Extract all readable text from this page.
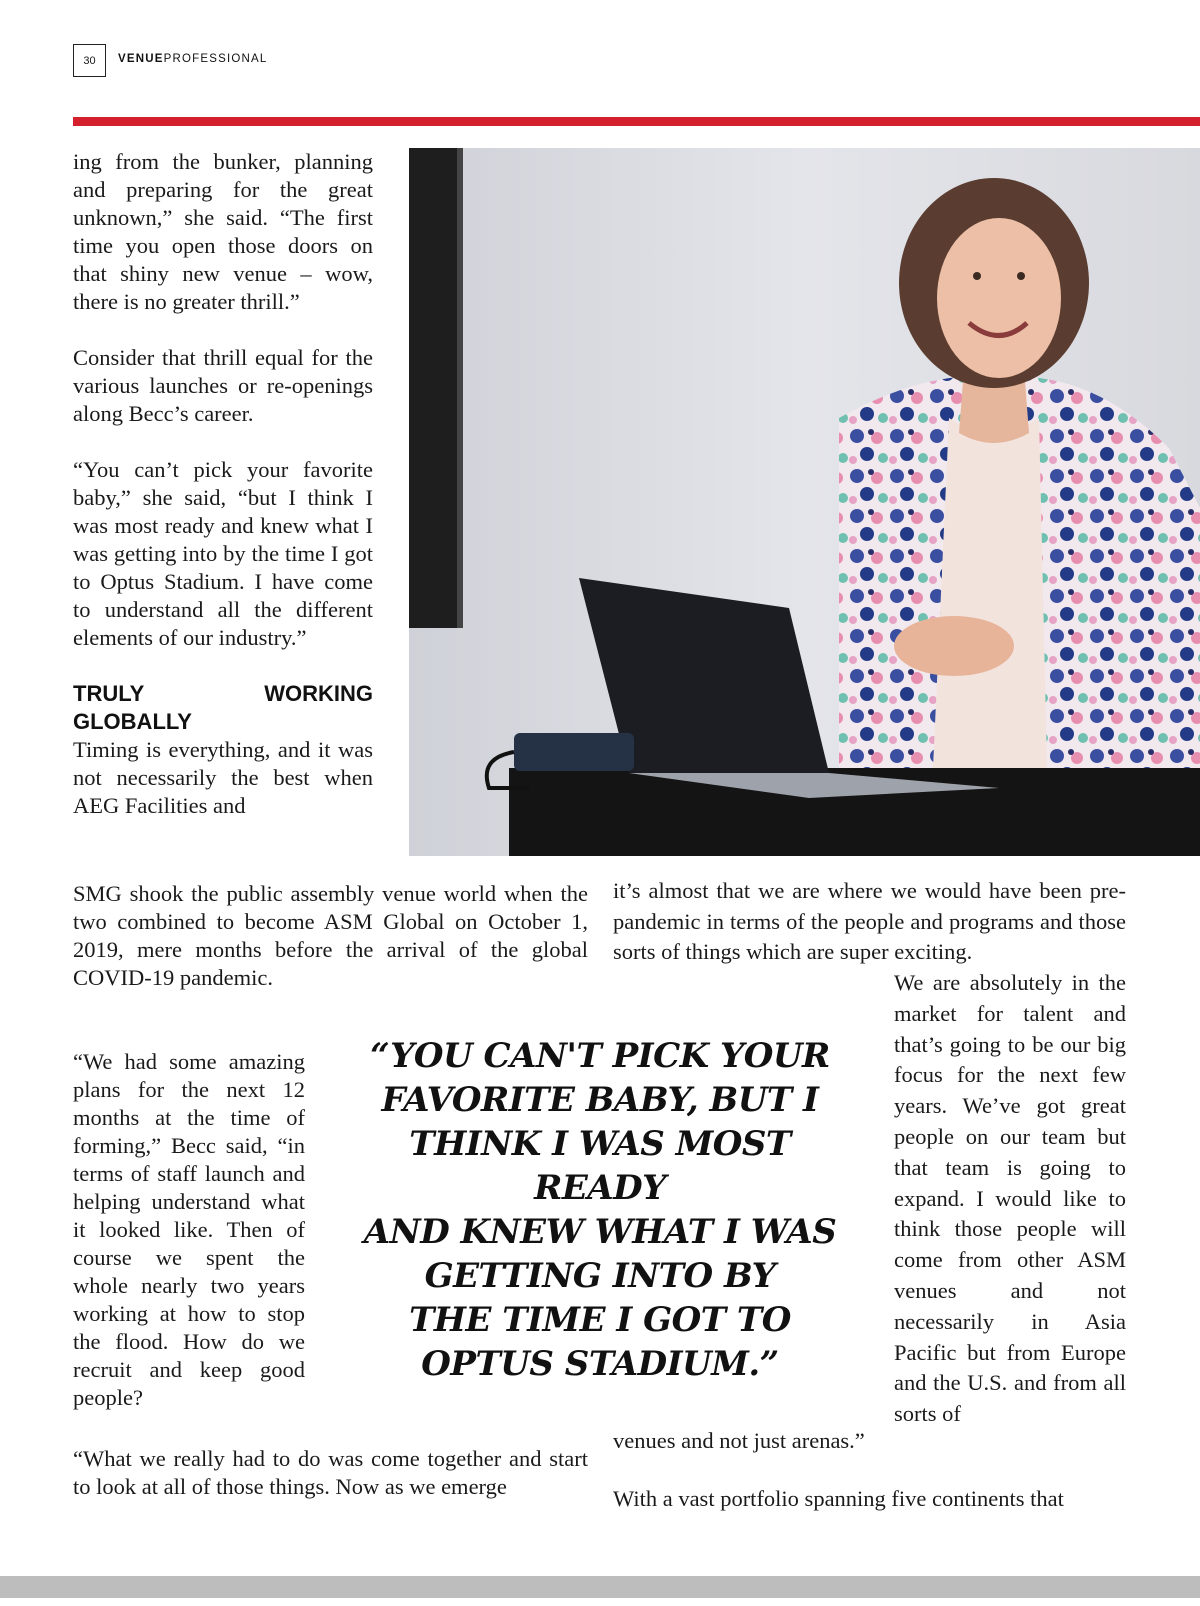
30 VENUEPROFESSIONAL

ing from the bunker, planning and preparing for the great unknown,” she said. “The first time you open those doors on that shiny new venue – wow, there is no greater thrill.”

Consider that thrill equal for the various launches or re-openings along Becc’s career.

“You can’t pick your favorite baby,” she said, “but I think I was most ready and knew what I was getting into by the time I got to Optus Stadium. I have come to understand all the different elements of our industry.”

TRULY WORKING GLOBALLY

Timing is everything, and it was not necessarily the best when AEG Facilities and

SMG shook the public assembly venue world when the two combined to become ASM Global on October 1, 2019, mere months before the arrival of the global COVID-19 pandemic.

“We had some amazing plans for the next 12 months at the time of forming,” Becc said, “in terms of staff launch and helping understand what it looked like. Then of course we spent the whole nearly two years working at how to stop the flood. How do we recruit and keep good people?

“What we really had to do was come together and start to look at all of those things. Now as we emerge

it’s almost that we are where we would have been pre-pandemic in terms of the people and programs and those sorts of things which are super exciting.

We are absolutely in the market for talent and that’s going to be our big focus for the next few years. We’ve got great people on our team but that team is going to expand. I would like to think those people will come from other ASM venues and not necessarily in Asia Pacific but from Europe and the U.S. and from all sorts of

venues and not just arenas.”

With a vast portfolio spanning five continents that

“YOU CAN'T PICK YOUR
FAVORITE BABY, BUT I
THINK I WAS MOST READY
AND KNEW WHAT I WAS
GETTING INTO BY
THE TIME I GOT TO
OPTUS STADIUM.”
